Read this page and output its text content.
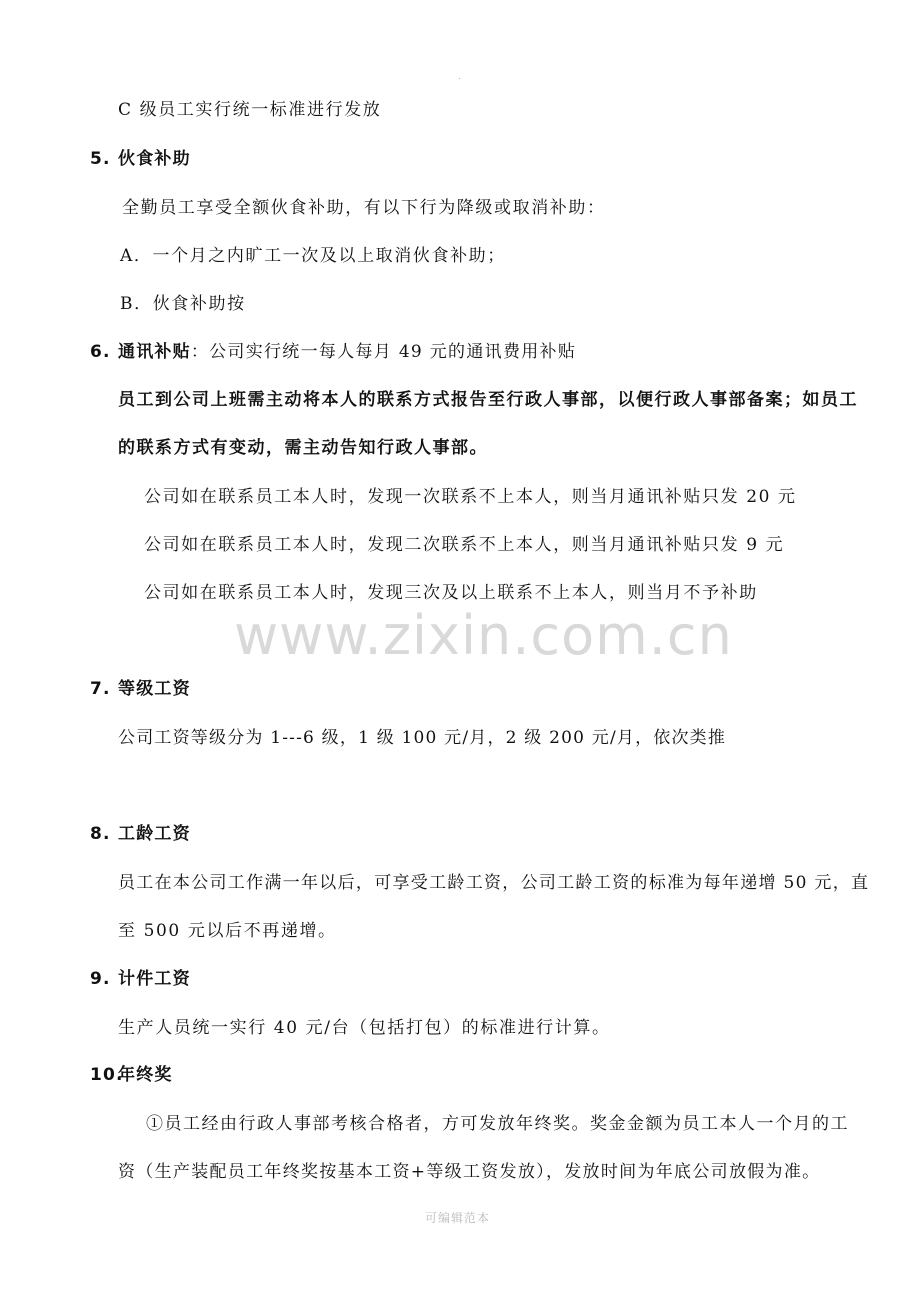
.
C 级员工实行统一标准进行发放
5. 伙食补助
全勤员工享受全额伙食补助，有以下行为降级或取消补助：
A．一个月之内旷工一次及以上取消伙食补助；
B．伙食补助按
6. 通讯补贴：公司实行统一每人每月 49 元的通讯费用补贴
员工到公司上班需主动将本人的联系方式报告至行政人事部，以便行政人事部备案；如员工
的联系方式有变动，需主动告知行政人事部。
公司如在联系员工本人时，发现一次联系不上本人，则当月通讯补贴只发 20 元
公司如在联系员工本人时，发现二次联系不上本人，则当月通讯补贴只发 9 元
公司如在联系员工本人时，发现三次及以上联系不上本人，则当月不予补助
www.zixin.com.cn
7. 等级工资
公司工资等级分为 1---6 级，1 级 100 元/月，2 级 200 元/月，依次类推
8. 工龄工资
员工在本公司工作满一年以后，可享受工龄工资，公司工龄工资的标准为每年递增 50 元，直
至 500 元以后不再递增。
9. 计件工资
生产人员统一实行 40 元/台（包括打包）的标准进行计算。
10.年终奖
①员工经由行政人事部考核合格者，方可发放年终奖。奖金金额为员工本人一个月的工
资（生产装配员工年终奖按基本工资+等级工资发放），发放时间为年底公司放假为准。
可编辑范本
